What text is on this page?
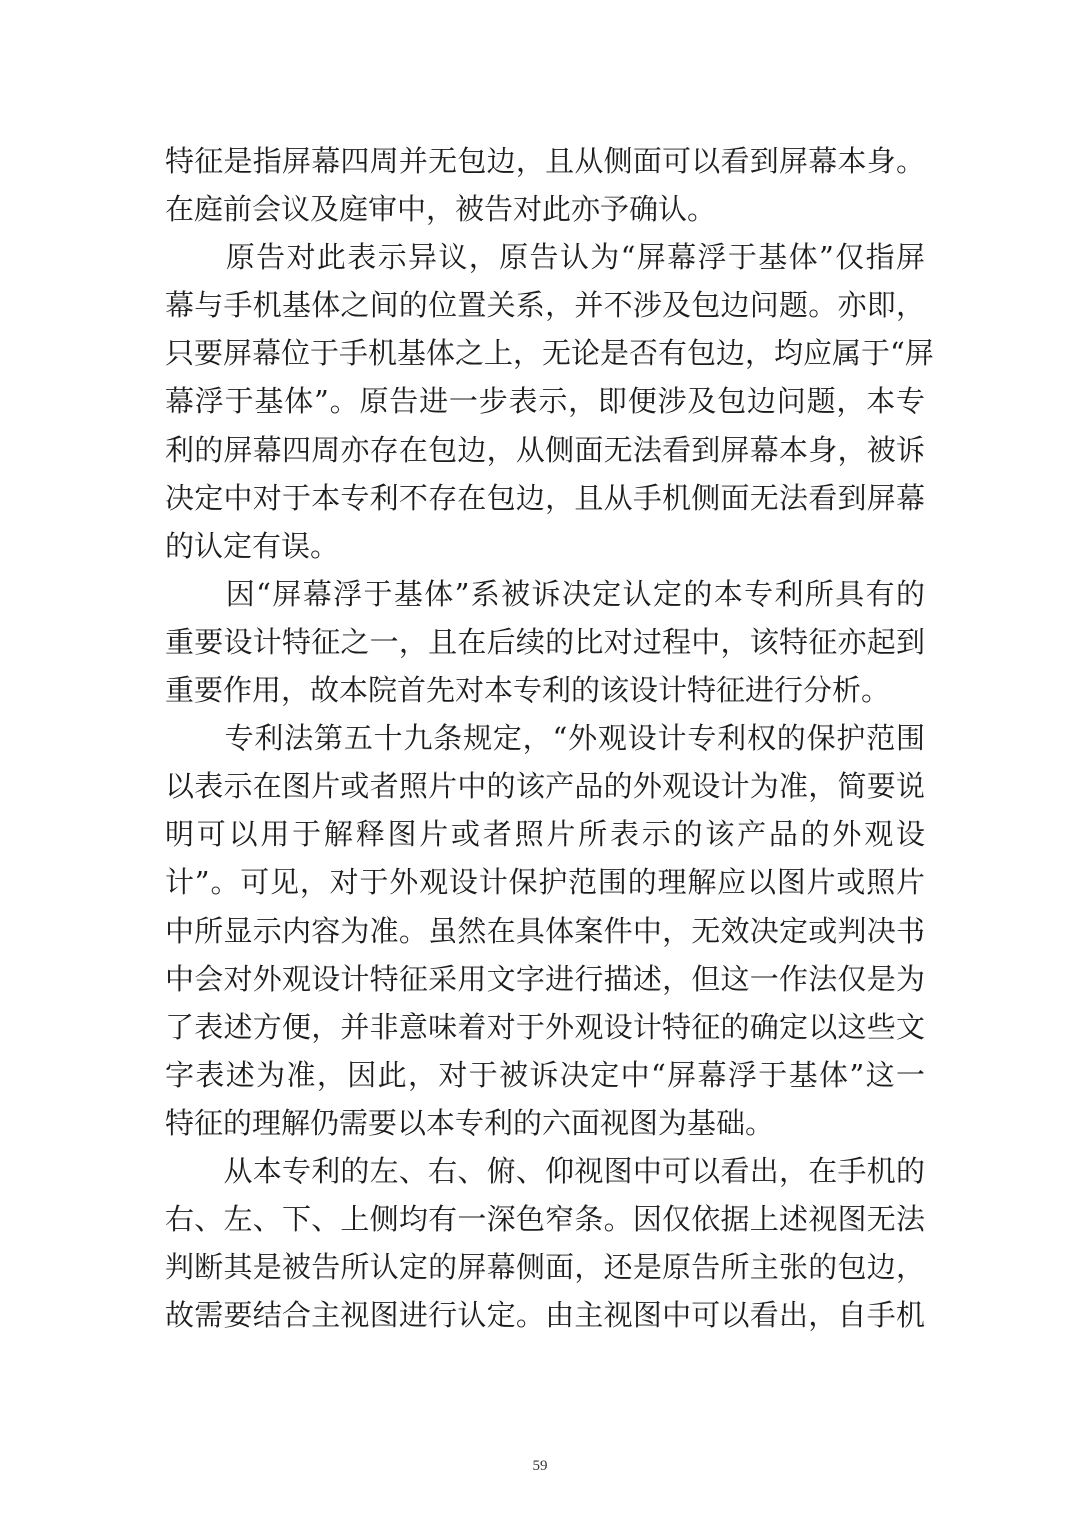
特征是指屏幕四周并无包边，且从侧面可以看到屏幕本身。
在庭前会议及庭审中，被告对此亦予确认。
　　原告对此表示异议，原告认为“屏幕浮于基体”仅指屏
幕与手机基体之间的位置关系，并不涉及包边问题。亦即，
只要屏幕位于手机基体之上，无论是否有包边，均应属于“屏
幕浮于基体”。原告进一步表示，即便涉及包边问题，本专
利的屏幕四周亦存在包边，从侧面无法看到屏幕本身，被诉
决定中对于本专利不存在包边，且从手机侧面无法看到屏幕
的认定有误。
　　因“屏幕浮于基体”系被诉决定认定的本专利所具有的
重要设计特征之一，且在后续的比对过程中，该特征亦起到
重要作用，故本院首先对本专利的该设计特征进行分析。
　　专利法第五十九条规定，“外观设计专利权的保护范围
以表示在图片或者照片中的该产品的外观设计为准，简要说
明可以用于解释图片或者照片所表示的该产品的外观设
计”。可见，对于外观设计保护范围的理解应以图片或照片
中所显示内容为准。虽然在具体案件中，无效决定或判决书
中会对外观设计特征采用文字进行描述，但这一作法仅是为
了表述方便，并非意味着对于外观设计特征的确定以这些文
字表述为准，因此，对于被诉决定中“屏幕浮于基体”这一
特征的理解仍需要以本专利的六面视图为基础。
　　从本专利的左、右、俯、仰视图中可以看出，在手机的
右、左、下、上侧均有一深色窄条。因仅依据上述视图无法
判断其是被告所认定的屏幕侧面，还是原告所主张的包边，
故需要结合主视图进行认定。由主视图中可以看出，自手机
59
